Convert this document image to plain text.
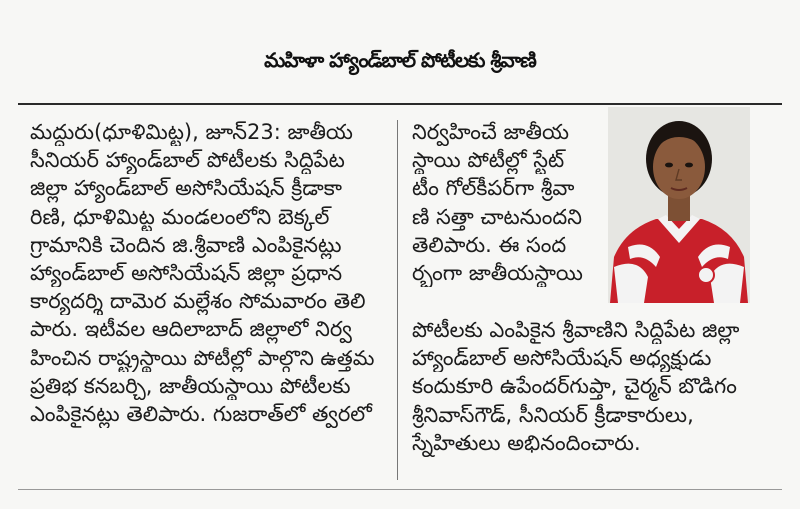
మహిళా హ్యాండ్‌బాల్ పోటీలకు శ్రీవాణి
మద్దురు(ధూళిమిట్ట), జూన్23: జాతీయ
సీనియర్ హ్యాండ్‌బాల్ పోటీలకు సిద్దిపేట
జిల్లా హ్యాండ్‌బాల్ అసోసియేషన్ క్రీడాకా
రిణి, ధూళిమిట్ట మండలంలోని బెక్కల్
గ్రామానికి చెందిన జి.శ్రీవాణి ఎంపికైనట్లు
హ్యాండ్‌బాల్ అసోసియేషన్ జిల్లా ప్రధాన
కార్యదర్శి దామెర మల్లేశం సోమవారం తెలి
పారు. ఇటీవల ఆదిలాబాద్ జిల్లాలో నిర్వ
హించిన రాష్ట్రస్థాయి పోటీల్లో పాల్గొని ఉత్తమ
ప్రతిభ కనబర్చి, జాతీయస్థాయి పోటీలకు
ఎంపికైనట్లు తెలిపారు. గుజరాత్‌లో త్వరలో
నిర్వహించే జాతీయ
స్థాయి పోటీల్లో స్టేట్
టీం గోల్‌కీపర్‌గా శ్రీవా
ణి సత్తా చాటనుందని
తెలిపారు. ఈ సంద
ర్భంగా జాతీయస్థాయి
పోటీలకు ఎంపికైన శ్రీవాణిని సిద్దిపేట జిల్లా
హ్యాండ్‌బాల్ అసోసియేషన్ అధ్యక్షుడు
కందుకూరి ఉపేందర్‌గుప్తా, చైర్మన్ బొడిగం
శ్రీనివాస్‌గౌడ్, సీనియర్ క్రీడాకారులు,
స్నేహితులు అభినందించారు.
